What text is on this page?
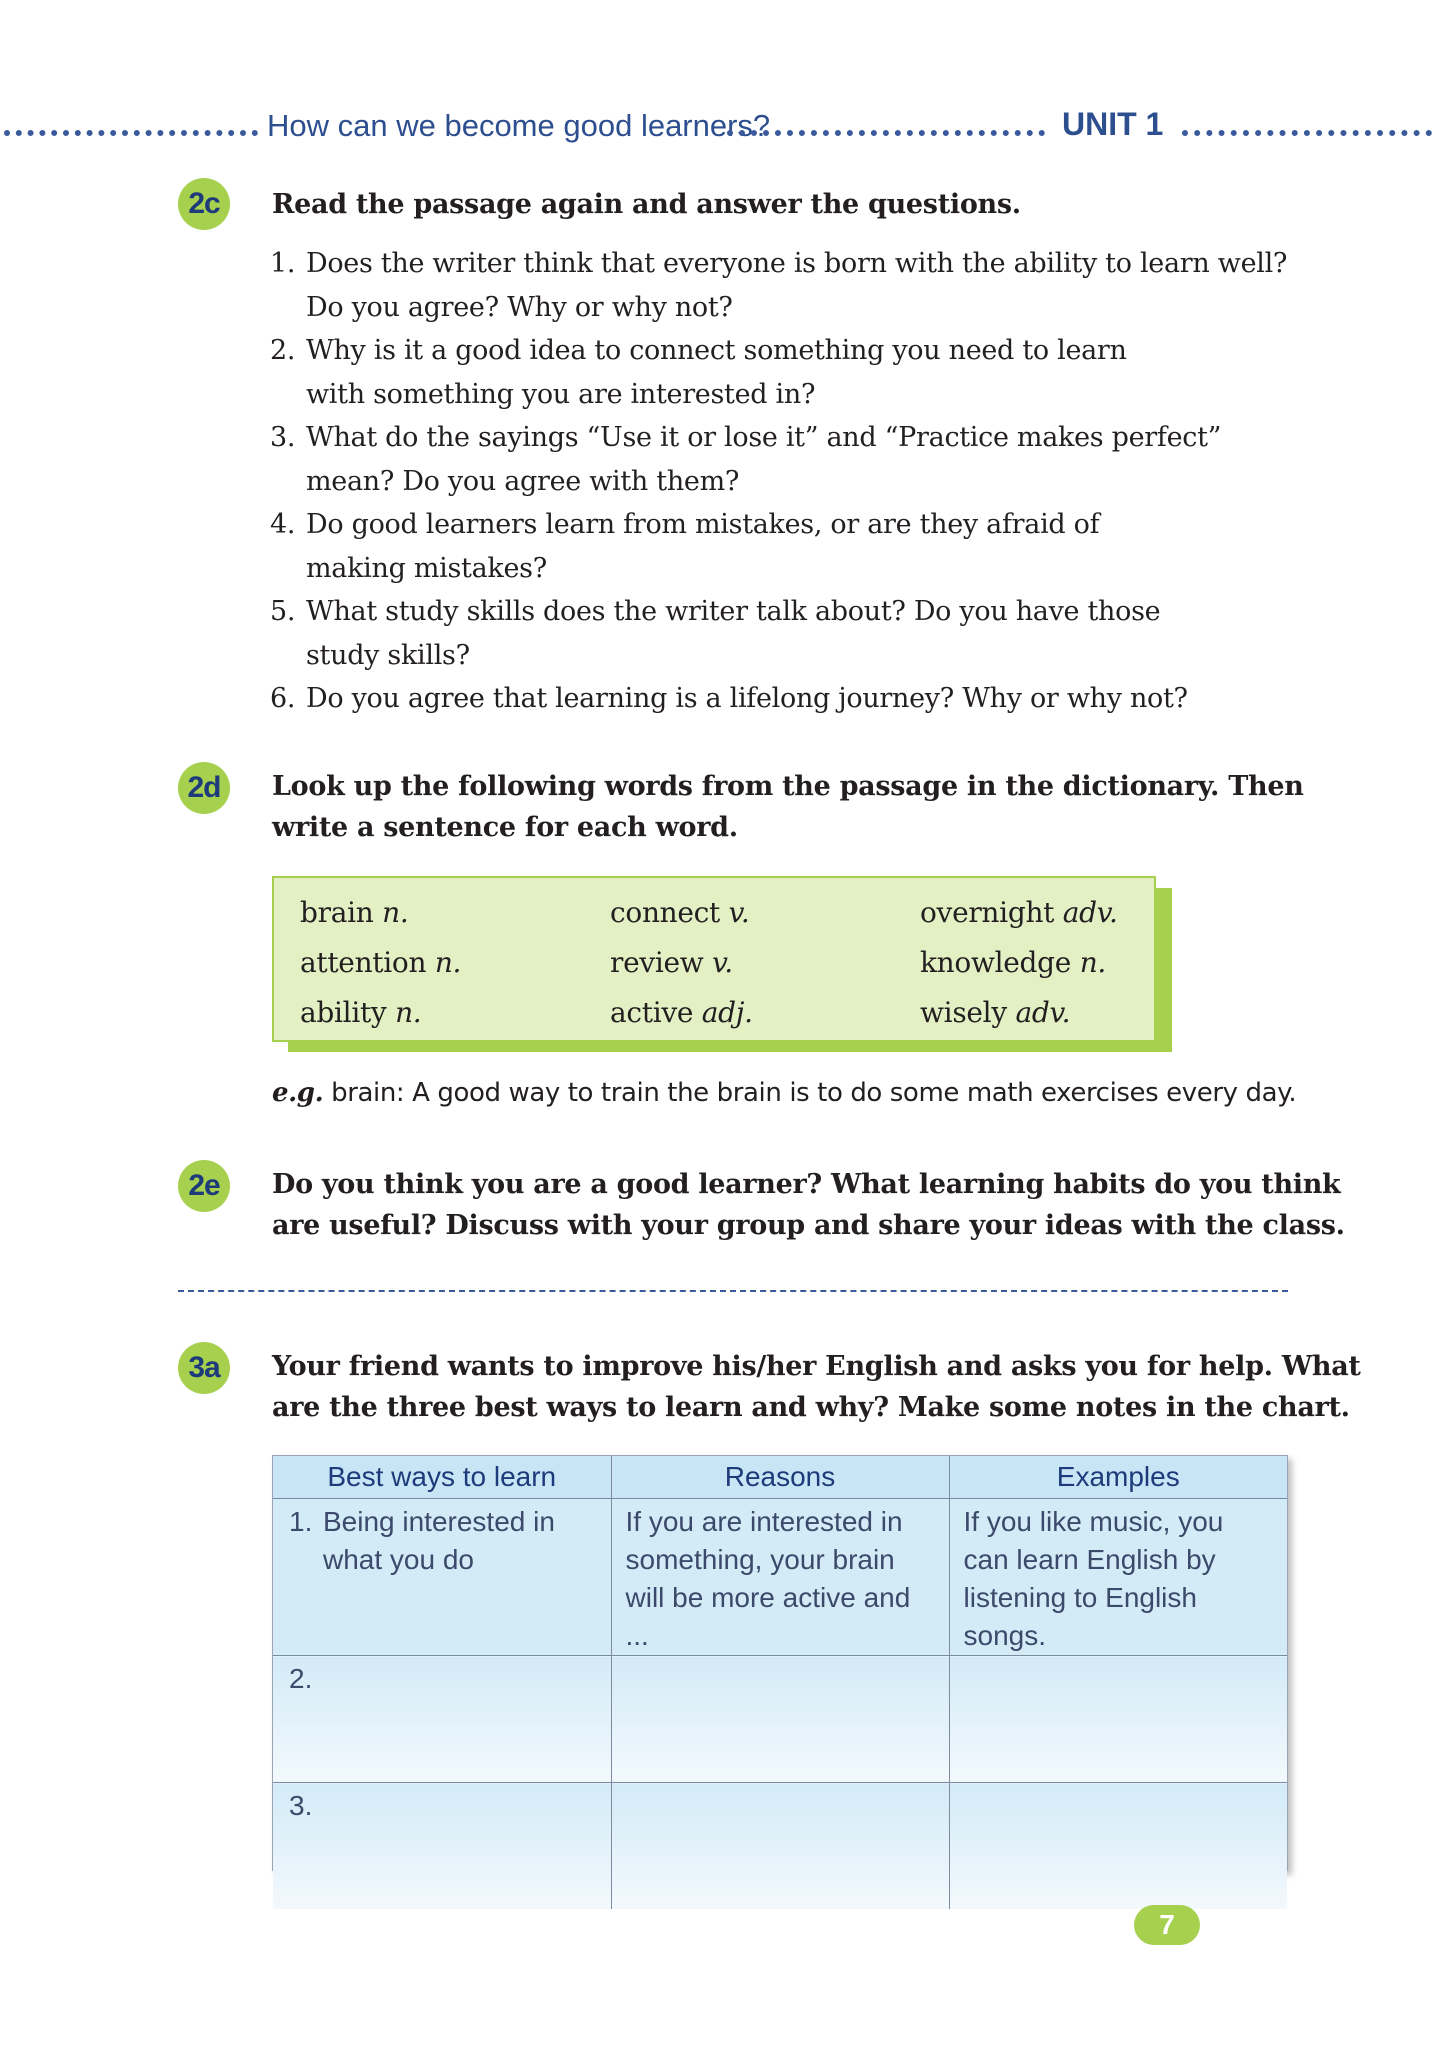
How can we become good learners?	UNIT 1
2c	Read the passage again and answer the questions.
1. Does the writer think that everyone is born with the ability to learn well? Do you agree? Why or why not?
2. Why is it a good idea to connect something you need to learn with something you are interested in?
3. What do the sayings “Use it or lose it” and “Practice makes perfect” mean? Do you agree with them?
4. Do good learners learn from mistakes, or are they afraid of making mistakes?
5. What study skills does the writer talk about? Do you have those study skills?
6. Do you agree that learning is a lifelong journey? Why or why not?
2d	Look up the following words from the passage in the dictionary. Then
write a sentence for each word.
brain n.	connect v.	overnight adv.
attention n.	review v.	knowledge n.
ability n.	active adj.	wisely adv.
e.g. brain: A good way to train the brain is to do some math exercises every day.
2e	Do you think you are a good learner? What learning habits do you think
are useful? Discuss with your group and share your ideas with the class.
3a	Your friend wants to improve his/her English and asks you for help. What
are the three best ways to learn and why? Make some notes in the chart.
Best ways to learn	Reasons	Examples

1. Being interested in what you do	If you are interested in something, your brain will be more active and ...	If you like music, you can learn English by listening to English songs.

2.		

3.		

7
